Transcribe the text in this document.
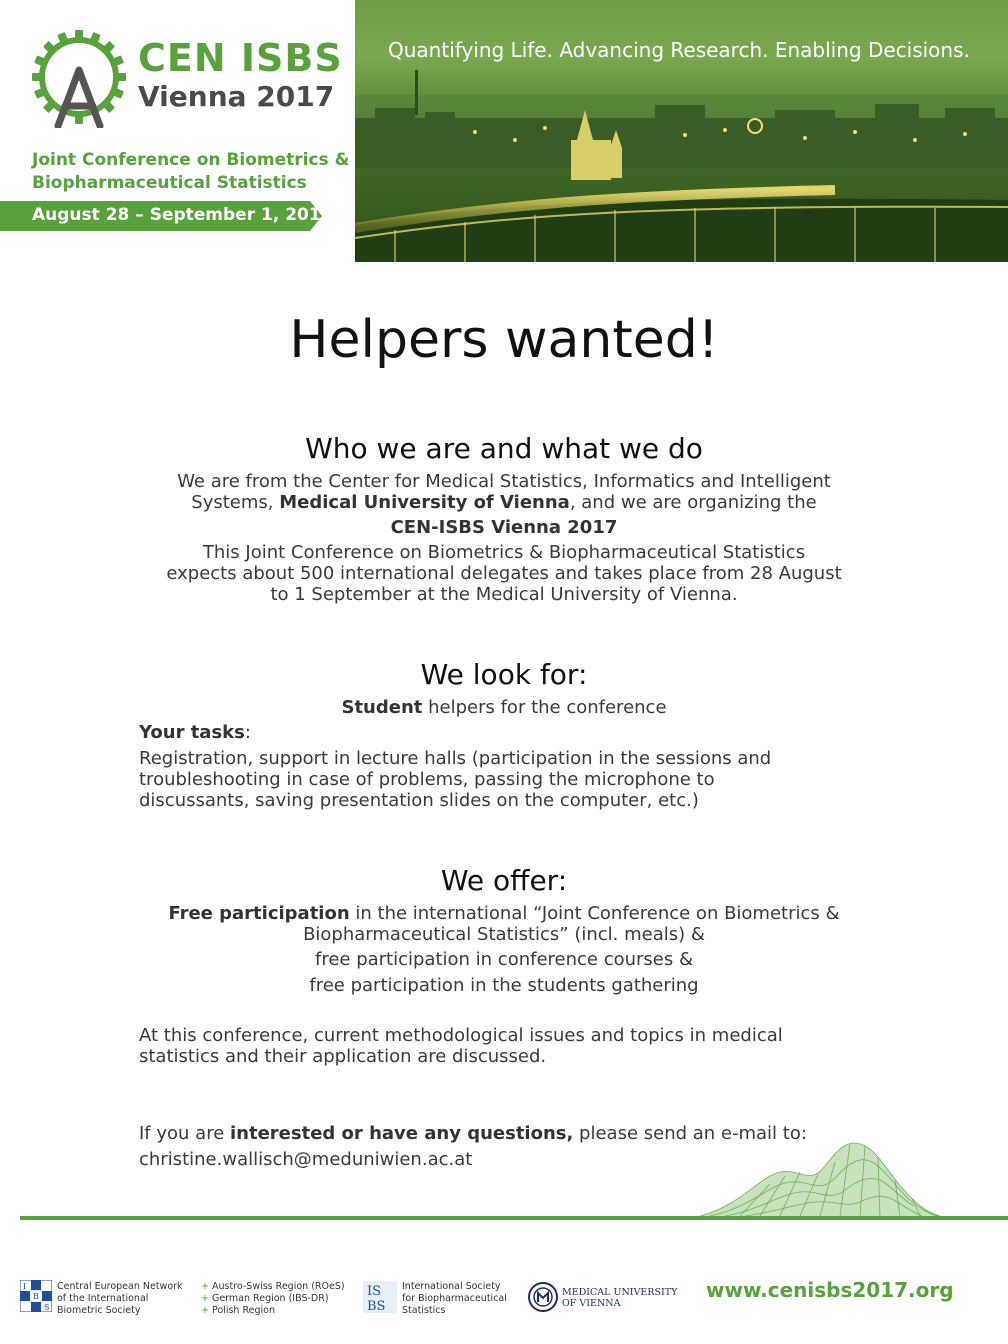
CEN ISBS
Vienna 2017
Joint Conference on Biometrics &
Biopharmaceutical Statistics
August 28 – September 1, 2017
Quantifying Life. Advancing Research. Enabling Decisions.
Helpers wanted!
Who we are and what we do
We are from the Center for Medical Statistics, Informatics and Intelligent
Systems, Medical University of Vienna, and we are organizing the
CEN-ISBS Vienna 2017
This Joint Conference on Biometrics & Biopharmaceutical Statistics
expects about 500 international delegates and takes place from 28 August
to 1 September at the Medical University of Vienna.
We look for:
Student helpers for the conference
Your tasks:
Registration, support in lecture halls (participation in the sessions and
troubleshooting in case of problems, passing the microphone to
discussants, saving presentation slides on the computer, etc.)
We offer:
Free participation in the international “Joint Conference on Biometrics &
Biopharmaceutical Statistics” (incl. meals) &
free participation in conference courses &
free participation in the students gathering
At this conference, current methodological issues and topics in medical
statistics and their application are discussed.
If you are interested or have any questions, please send an e-mail to:
christine.wallisch@meduniwien.ac.at
I
B
S
Central European Network
of the International
Biometric Society
+ Austro-Swiss Region (ROeS)
+ German Region (IBS-DR)
+ Polish Region
IS
BS
International Society
for Biopharmaceutical
Statistics
MEDICAL UNIVERSITY
OF VIENNA
www.cenisbs2017.org
